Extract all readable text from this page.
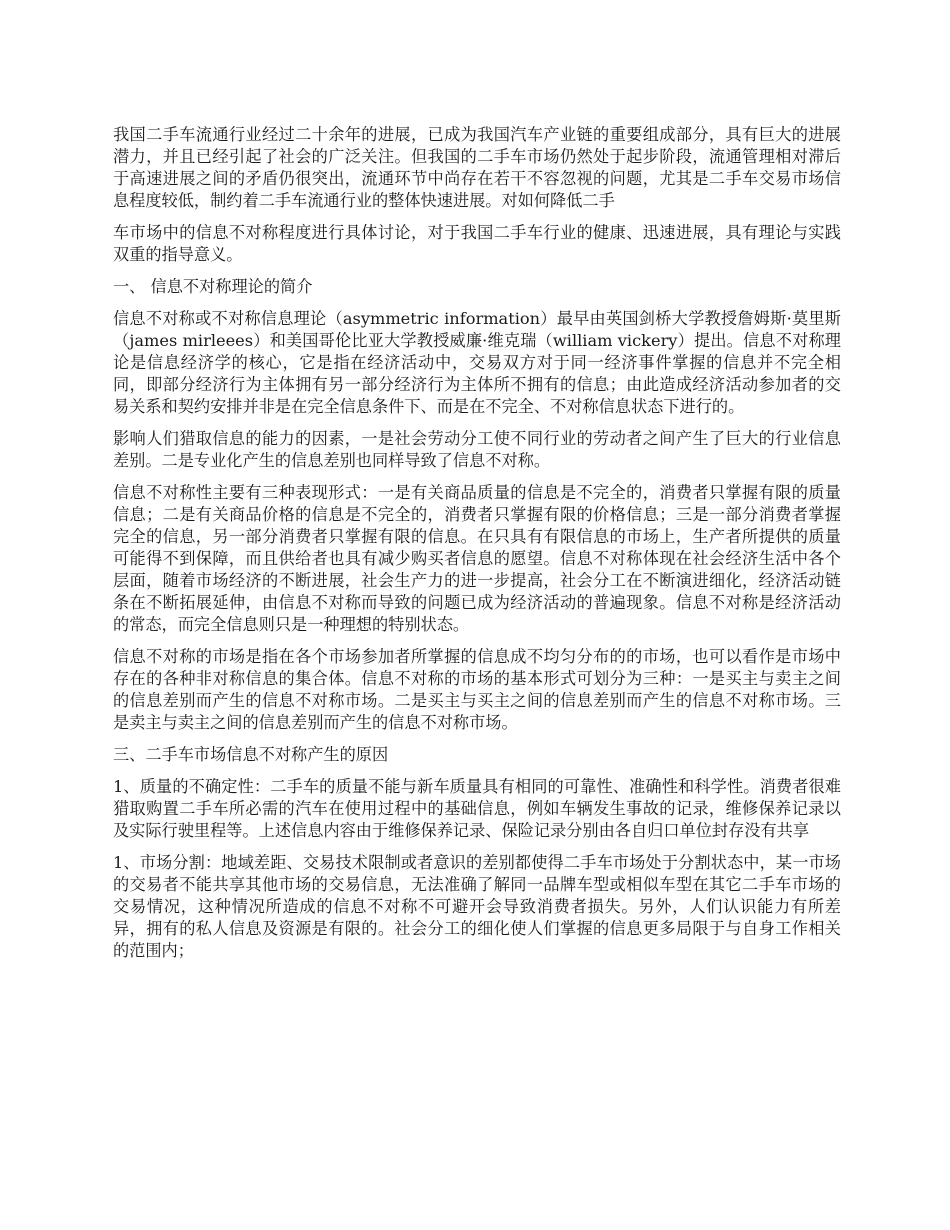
我国二手车流通行业经过二十余年的进展，已成为我国汽车产业链的重要组成部分，具有巨大的进展潜力，并且已经引起了社会的广泛关注。但我国的二手车市场仍然处于起步阶段，流通管理相对滞后于高速进展之间的矛盾仍很突出，流通环节中尚存在若干不容忽视的问题，尤其是二手车交易市场信息程度较低，制约着二手车流通行业的整体快速进展。对如何降低二手

车市场中的信息不对称程度进行具体讨论，对于我国二手车行业的健康、迅速进展，具有理论与实践双重的指导意义。

一、 信息不对称理论的简介

信息不对称或不对称信息理论（asymmetric information）最早由英国剑桥大学教授詹姆斯·莫里斯（james mirleees）和美国哥伦比亚大学教授威廉·维克瑞（william vickery）提出。信息不对称理论是信息经济学的核心，它是指在经济活动中，交易双方对于同一经济事件掌握的信息并不完全相同，即部分经济行为主体拥有另一部分经济行为主体所不拥有的信息；由此造成经济活动参加者的交易关系和契约安排并非是在完全信息条件下、而是在不完全、不对称信息状态下进行的。

影响人们猎取信息的能力的因素，一是社会劳动分工使不同行业的劳动者之间产生了巨大的行业信息差别。二是专业化产生的信息差别也同样导致了信息不对称。

信息不对称性主要有三种表现形式：一是有关商品质量的信息是不完全的，消费者只掌握有限的质量信息；二是有关商品价格的信息是不完全的，消费者只掌握有限的价格信息；三是一部分消费者掌握完全的信息，另一部分消费者只掌握有限的信息。在只具有有限信息的市场上，生产者所提供的质量可能得不到保障，而且供给者也具有减少购买者信息的愿望。信息不对称体现在社会经济生活中各个层面，随着市场经济的不断进展，社会生产力的进一步提高，社会分工在不断演进细化，经济活动链条在不断拓展延伸，由信息不对称而导致的问题已成为经济活动的普遍现象。信息不对称是经济活动的常态，而完全信息则只是一种理想的特别状态。

信息不对称的市场是指在各个市场参加者所掌握的信息成不均匀分布的的市场，也可以看作是市场中存在的各种非对称信息的集合体。信息不对称的市场的基本形式可划分为三种：一是买主与卖主之间的信息差别而产生的信息不对称市场。二是买主与买主之间的信息差别而产生的信息不对称市场。三是卖主与卖主之间的信息差别而产生的信息不对称市场。

三、二手车市场信息不对称产生的原因

1、质量的不确定性：二手车的质量不能与新车质量具有相同的可靠性、准确性和科学性。消费者很难猎取购置二手车所必需的汽车在使用过程中的基础信息，例如车辆发生事故的记录，维修保养记录以及实际行驶里程等。上述信息内容由于维修保养记录、保险记录分别由各自归口单位封存没有共享

1、市场分割：地域差距、交易技术限制或者意识的差别都使得二手车市场处于分割状态中，某一市场的交易者不能共享其他市场的交易信息，无法准确了解同一品牌车型或相似车型在其它二手车市场的交易情况，这种情况所造成的信息不对称不可避开会导致消费者损失。另外，人们认识能力有所差异，拥有的私人信息及资源是有限的。社会分工的细化使人们掌握的信息更多局限于与自身工作相关的范围内；
